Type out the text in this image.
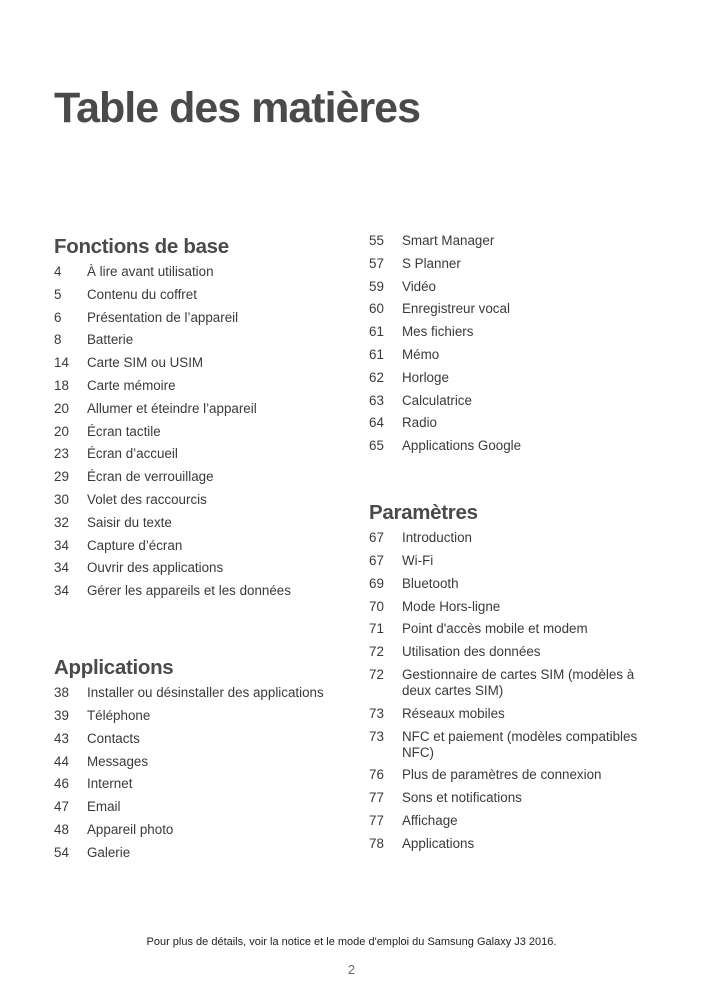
Table des matières
Fonctions de base
4	À lire avant utilisation
5	Contenu du coffret
6	Présentation de l’appareil
8	Batterie
14	Carte SIM ou USIM
18	Carte mémoire
20	Allumer et éteindre l’appareil
20	Écran tactile
23	Écran d’accueil
29	Écran de verrouillage
30	Volet des raccourcis
32	Saisir du texte
34	Capture d’écran
34	Ouvrir des applications
34	Gérer les appareils et les données
Applications
38	Installer ou désinstaller des applications
39	Téléphone
43	Contacts
44	Messages
46	Internet
47	Email
48	Appareil photo
54	Galerie
55	Smart Manager
57	S Planner
59	Vidéo
60	Enregistreur vocal
61	Mes fichiers
61	Mémo
62	Horloge
63	Calculatrice
64	Radio
65	Applications Google
Paramètres
67	Introduction
67	Wi-Fi
69	Bluetooth
70	Mode Hors-ligne
71	Point d'accès mobile et modem
72	Utilisation des données
72	Gestionnaire de cartes SIM (modèles à deux cartes SIM)
73	Réseaux mobiles
73	NFC et paiement (modèles compatibles NFC)
76	Plus de paramètres de connexion
77	Sons et notifications
77	Affichage
78	Applications
Pour plus de détails, voir la notice et le mode d'emploi du Samsung Galaxy J3 2016.
2
